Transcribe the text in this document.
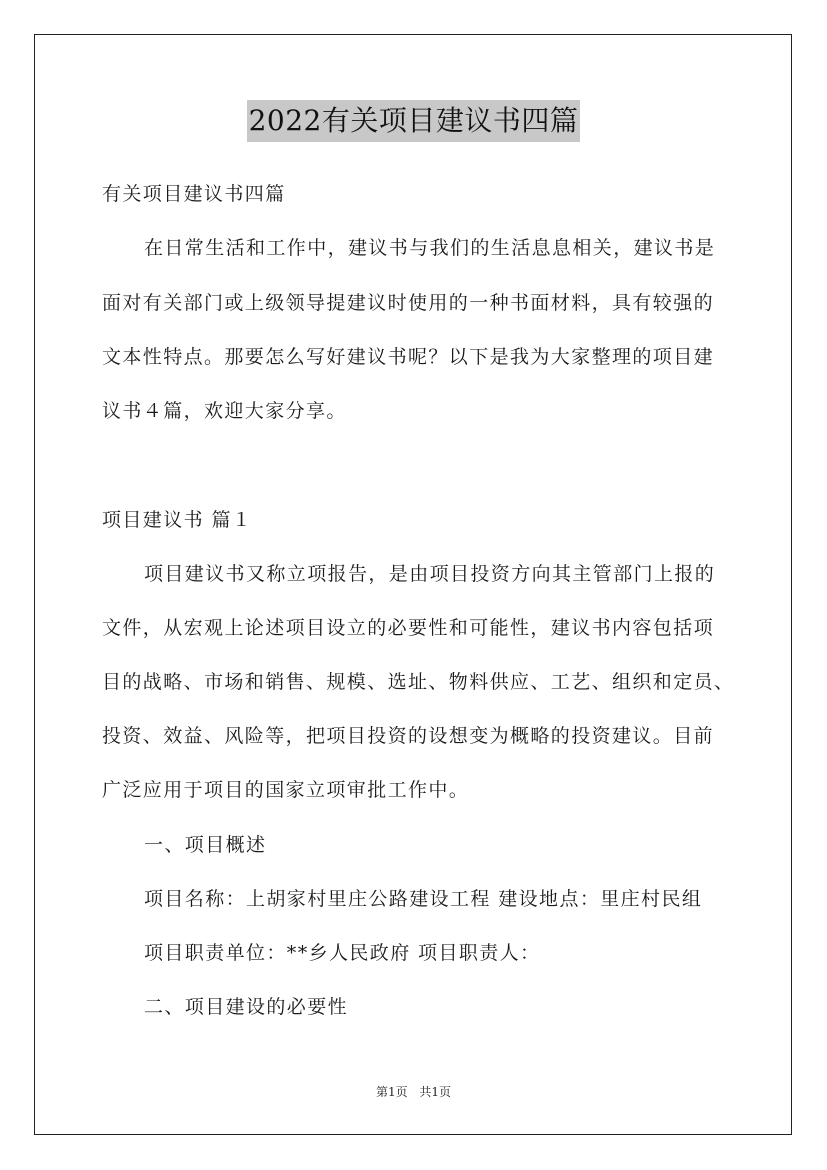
2022有关项目建议书四篇

有关项目建议书四篇

在日常生活和工作中，建议书与我们的生活息息相关，建议书是

面对有关部门或上级领导提建议时使用的一种书面材料，具有较强的

文本性特点。那要怎么写好建议书呢？以下是我为大家整理的项目建

议书４篇，欢迎大家分享。

项目建议书 篇１

项目建议书又称立项报告，是由项目投资方向其主管部门上报的

文件，从宏观上论述项目设立的必要性和可能性，建议书内容包括项

目的战略、市场和销售、规模、选址、物料供应、工艺、组织和定员、

投资、效益、风险等，把项目投资的设想变为概略的投资建议。目前

广泛应用于项目的国家立项审批工作中。

一、项目概述

项目名称：上胡家村里庄公路建设工程 建设地点：里庄村民组

项目职责单位：**乡人民政府 项目职责人：

二、项目建设的必要性

第1页 共1页
